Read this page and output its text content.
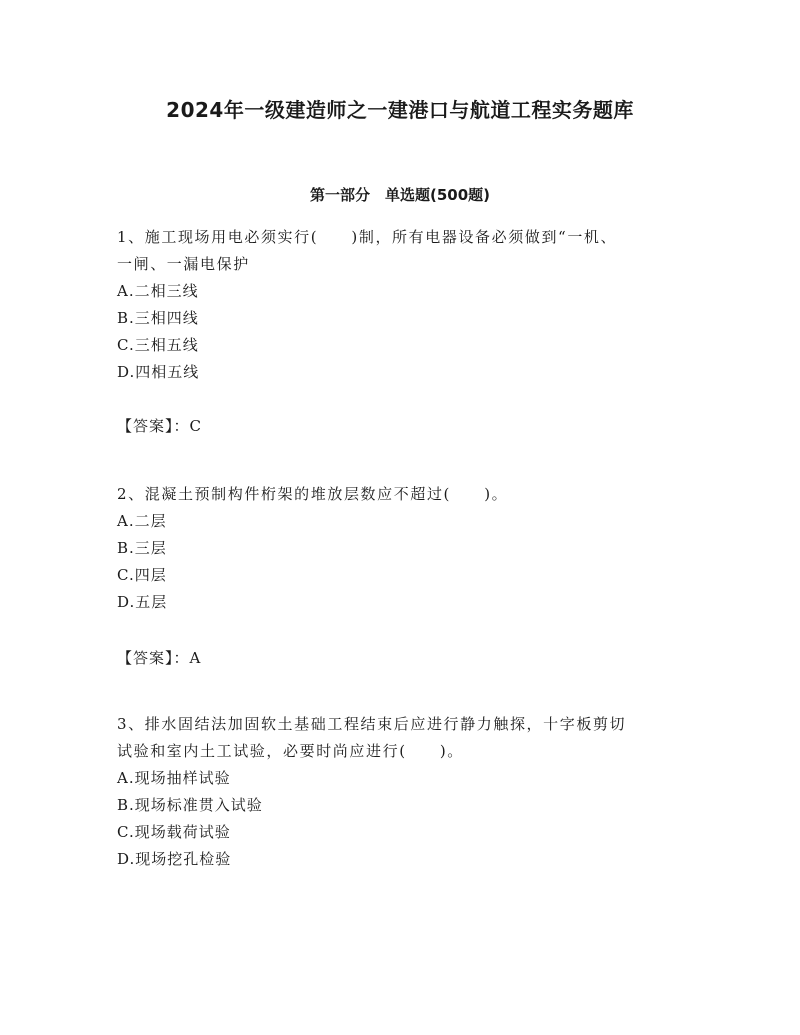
2024年一级建造师之一建港口与航道工程实务题库
第一部分　单选题(500题)
1、施工现场用电必须实行(　　)制，所有电器设备必须做到“一机、
一闸、一漏电保护
A.二相三线
B.三相四线
C.三相五线
D.四相五线
【答案】：C
2、混凝土预制构件桁架的堆放层数应不超过(　　)。
A.二层
B.三层
C.四层
D.五层
【答案】：A
3、排水固结法加固软土基础工程结束后应进行静力触探，十字板剪切
试验和室内土工试验，必要时尚应进行(　　)。
A.现场抽样试验
B.现场标准贯入试验
C.现场载荷试验
D.现场挖孔检验
